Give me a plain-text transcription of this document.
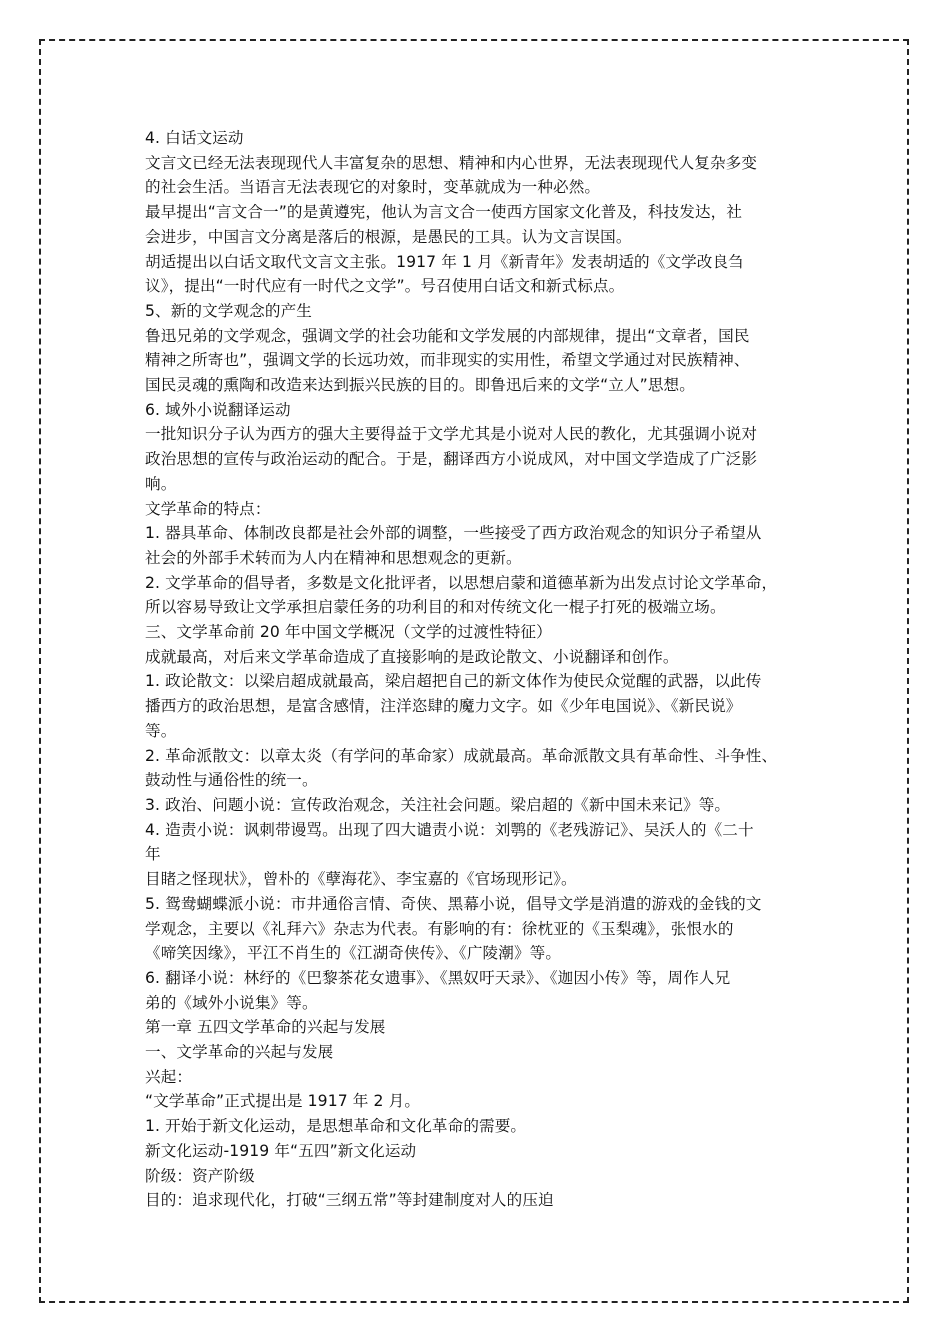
4. 白话文运动

文言文已经无法表现现代人丰富复杂的思想、精神和内心世界，无法表现现代人复杂多变

的社会生活。当语言无法表现它的对象时，变革就成为一种必然。

最早提出“言文合一”的是黄遵宪，他认为言文合一使西方国家文化普及，科技发达，社

会进步，中国言文分离是落后的根源，是愚民的工具。认为文言误国。

胡适提出以白话文取代文言文主张。1917 年 1 月《新青年》发表胡适的《文学改良刍

议》，提出“一时代应有一时代之文学”。号召使用白话文和新式标点。

5、新的文学观念的产生

鲁迅兄弟的文学观念，强调文学的社会功能和文学发展的内部规律，提出“文章者，国民

精神之所寄也”，强调文学的长远功效，而非现实的实用性，希望文学通过对民族精神、

国民灵魂的熏陶和改造来达到振兴民族的目的。即鲁迅后来的文学“立人”思想。

6. 域外小说翻译运动

一批知识分子认为西方的强大主要得益于文学尤其是小说对人民的教化，尤其强调小说对

政治思想的宣传与政治运动的配合。于是，翻译西方小说成风，对中国文学造成了广泛影

响。

文学革命的特点：

1. 器具革命、体制改良都是社会外部的调整，一些接受了西方政治观念的知识分子希望从

社会的外部手术转而为人内在精神和思想观念的更新。

2. 文学革命的倡导者，多数是文化批评者，以思想启蒙和道德革新为出发点讨论文学革命，

所以容易导致让文学承担启蒙任务的功利目的和对传统文化一棍子打死的极端立场。

三、文学革命前 20 年中国文学概况（文学的过渡性特征）

成就最高，对后来文学革命造成了直接影响的是政论散文、小说翻译和创作。

1. 政论散文：以梁启超成就最高，梁启超把自己的新文体作为使民众觉醒的武器，以此传

播西方的政治思想，是富含感情，注洋恣肆的魔力文字。如《少年电国说》、《新民说》

等。

2. 革命派散文：以章太炎（有学问的革命家）成就最高。革命派散文具有革命性、斗争性、

鼓动性与通俗性的统一。

3. 政治、问题小说：宣传政治观念，关注社会问题。梁启超的《新中国未来记》等。

4. 造责小说：讽刺带谩骂。出现了四大谴责小说：刘鹗的《老残游记》、吴沃人的《二十

年

目睹之怪现状》，曾朴的《孽海花》、李宝嘉的《官场现形记》。

5. 鸳鸯蝴蝶派小说：市井通俗言情、奇侠、黑幕小说，倡导文学是消遣的游戏的金钱的文

学观念，主要以《礼拜六》杂志为代表。有影响的有：徐枕亚的《玉梨魂》，张恨水的

《啼笑因缘》，平江不肖生的《江湖奇侠传》、《广陵潮》等。

6. 翻译小说：林纾的《巴黎茶花女遗事》、《黑奴吁天录》、《迦因小传》等，周作人兄

弟的《域外小说集》等。

第一章 五四文学革命的兴起与发展

一、文学革命的兴起与发展

兴起：

“文学革命”正式提出是 1917 年 2 月。

1. 开始于新文化运动，是思想革命和文化革命的需要。

新文化运动-1919 年“五四”新文化运动

阶级：资产阶级

目的：追求现代化，打破“三纲五常”等封建制度对人的压迫
